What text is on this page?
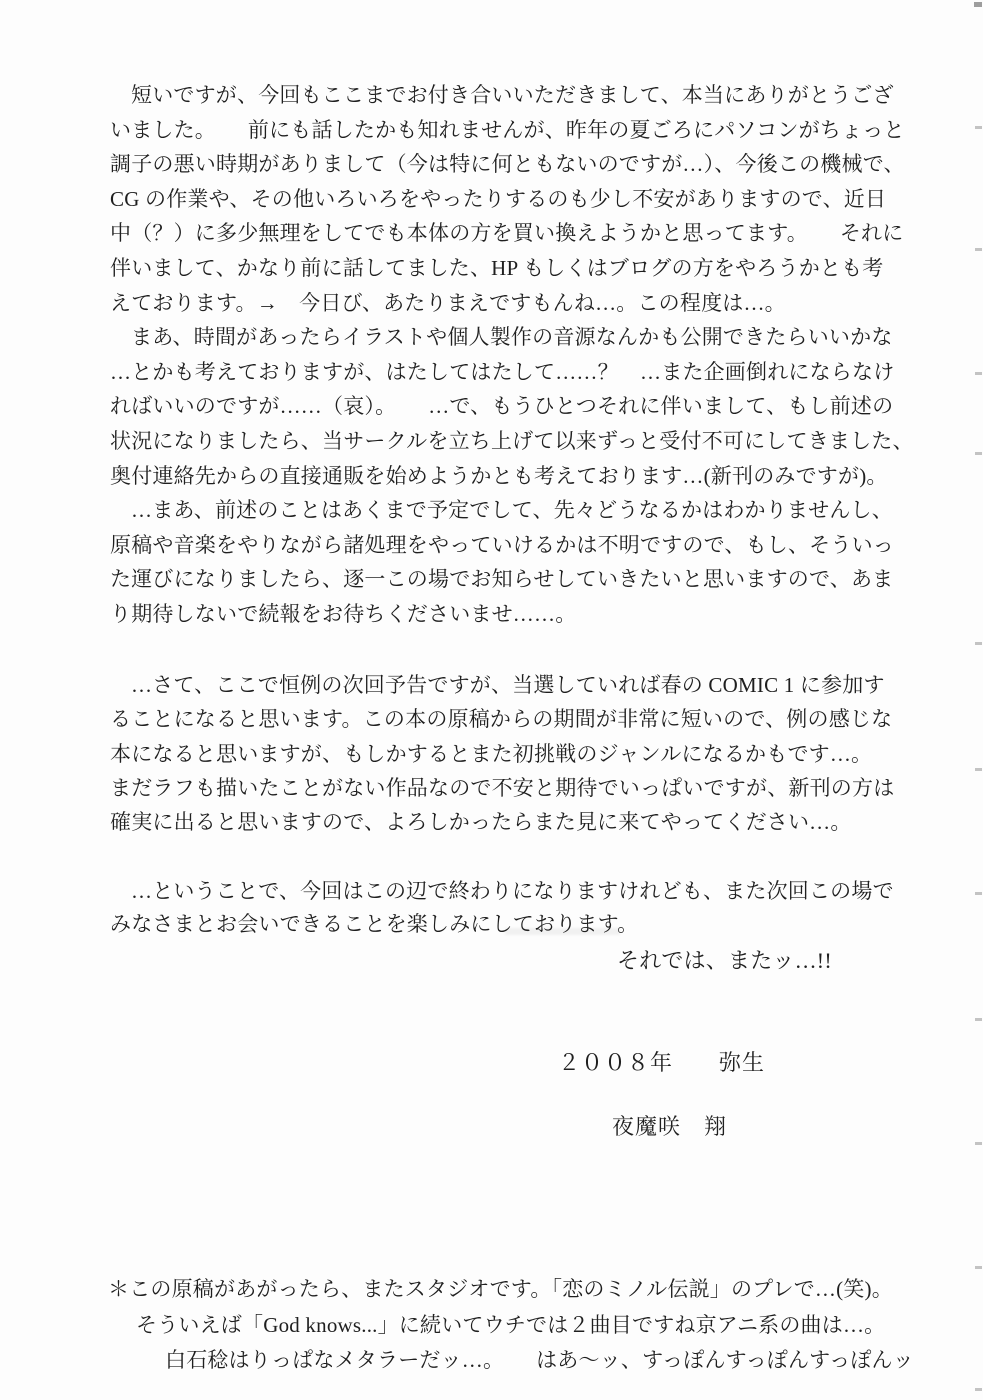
短いですが、今回もここまでお付き合いいただきまして、本当にありがとうござ
いました。　　前にも話したかも知れませんが、昨年の夏ごろにパソコンがちょっと
調子の悪い時期がありまして（今は特に何ともないのですが…）、今後この機械で、
CG の作業や、その他いろいろをやったりするのも少し不安がありますので、近日
中（？）に多少無理をしてでも本体の方を買い換えようかと思ってます。　　それに
伴いまして、かなり前に話してました、HP もしくはブログの方をやろうかとも考
えております。→　今日び、あたりまえですもんね…。この程度は…。
まあ、時間があったらイラストや個人製作の音源なんかも公開できたらいいかな
…とかも考えておりますが、はたしてはたして……？　…また企画倒れにならなけ
ればいいのですが……（哀）。　　…で、もうひとつそれに伴いまして、もし前述の
状況になりましたら、当サークルを立ち上げて以来ずっと受付不可にしてきました、
奥付連絡先からの直接通販を始めようかとも考えております…(新刊のみですが)。
…まあ、前述のことはあくまで予定でして、先々どうなるかはわかりませんし、
原稿や音楽をやりながら諸処理をやっていけるかは不明ですので、もし、そういっ
た運びになりましたら、逐一この場でお知らせしていきたいと思いますので、あま
り期待しないで続報をお待ちくださいませ……。
…さて、ここで恒例の次回予告ですが、当選していれば春の COMIC 1 に参加す
ることになると思います。この本の原稿からの期間が非常に短いので、例の感じな
本になると思いますが、もしかするとまた初挑戦のジャンルになるかもです…。
まだラフも描いたことがない作品なので不安と期待でいっぱいですが、新刊の方は
確実に出ると思いますので、よろしかったらまた見に来てやってください…。
…ということで、今回はこの辺で終わりになりますけれども、また次回この場で
みなさまとお会いできることを楽しみにしております。
それでは、またッ…!!
２００８年　　弥生
夜魔咲　翔
＊この原稿があがったら、またスタジオです。「恋のミノル伝説」のプレで…(笑)。
そういえば「God knows...」に続いてウチでは２曲目ですね京アニ系の曲は…。
白石稔はりっぱなメタラーだッ…。　　はあ～ッ、すっぽんすっぽんすっぽんッ
